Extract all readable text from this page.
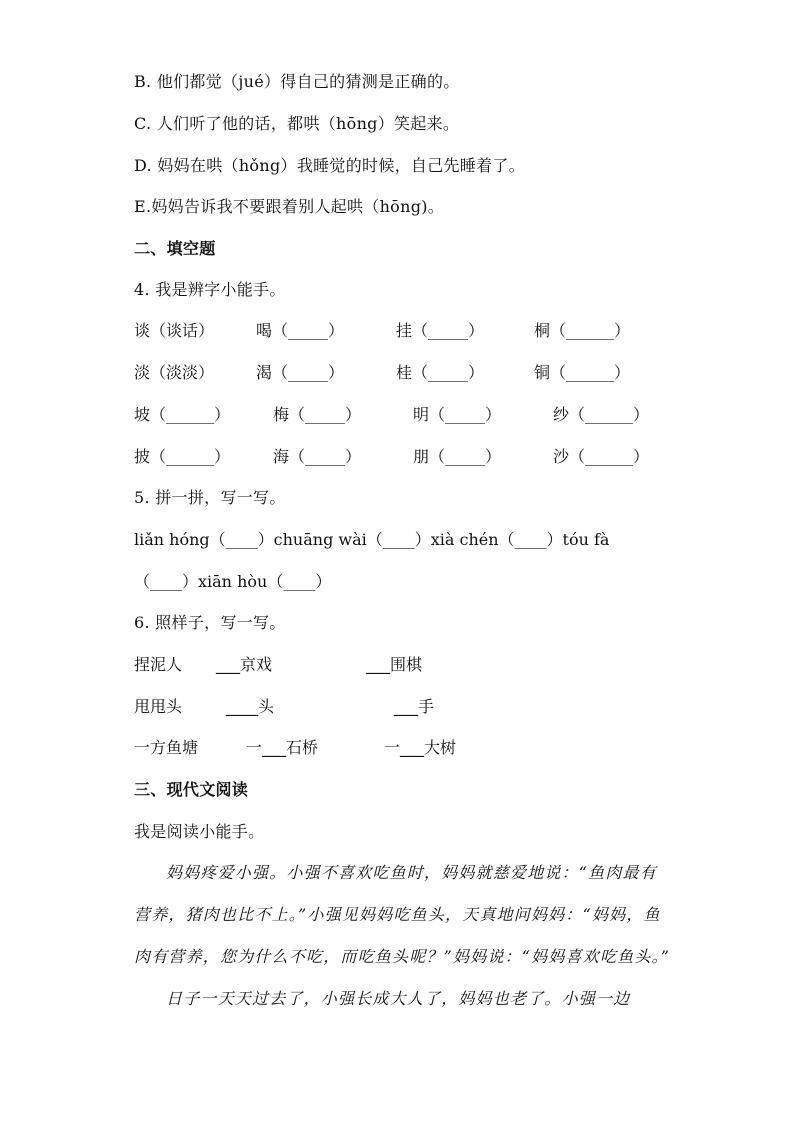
B. 他们都觉（jué）得自己的猜测是正确的。
C. 人们听了他的话，都哄（hōng）笑起来。
D. 妈妈在哄（hǒng）我睡觉的时候，自己先睡着了。
E.妈妈告诉我不要跟着别人起哄（hōng)。
二、填空题
4. 我是辨字小能手。
谈（谈话）	喝（_____）	挂（_____）	桐（______）
淡（淡淡）	渴（_____）	桂（_____）	铜（______）
坡（______）	梅（_____）	明（_____）	纱（______）
披（______）	海（_____）	朋（_____）	沙（______）
5. 拼一拼，写一写。
liǎn hóng（____）chuāng wài（____）xià chén（____）tóu fà
（____）xiān hòu（____）
6. 照样子，写一写。
捏泥人 ___京戏	___围棋
甩甩头	____头	___手
一方鱼塘	一___石桥	一___大树
三、现代文阅读
我是阅读小能手。

妈妈疼爱小强。小强不喜欢吃鱼时，妈妈就慈爱地说：“鱼肉最有营养，猪肉也比不上。”小强见妈妈吃鱼头，天真地问妈妈：“妈妈，鱼肉有营养，您为什么不吃，而吃鱼头呢？”妈妈说：“妈妈喜欢吃鱼头。”

日子一天天过去了，小强长成大人了，妈妈也老了。小强一边
